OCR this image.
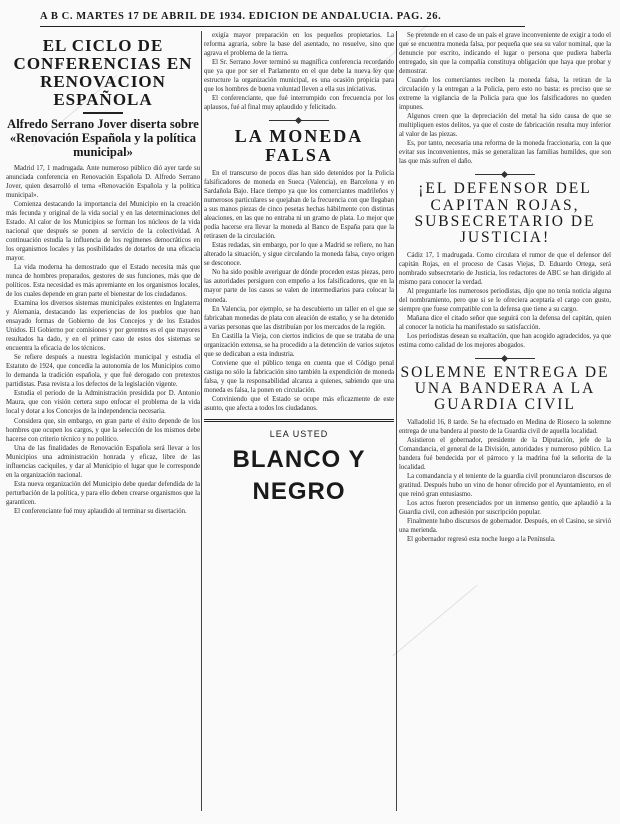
A B C. MARTES 17 DE ABRIL DE 1934. EDICION DE ANDALUCIA. PAG. 26.
EL CICLO DE CONFERENCIAS EN RENOVACION ESPAÑOLA
Alfredo Serrano Jover diserta sobre «Renovación Española y la política municipal»

Madrid 17, 1 madrugada. Ante numeroso público dió ayer tarde su anunciada conferencia en Renovación Española D. Alfredo Serrano Jover, quien desarrolló el tema «Renovación Española y la política municipal».

Comienza destacando la importancia del Municipio en la creación más fecunda y original de la vida social y en las determinaciones del Estado. Al calor de los Municipios se forman los núcleos de la vida nacional que después se ponen al servicio de la colectividad. A continuación estudia la influencia de los regímenes democráticos en los organismos locales y las posibilidades de dotarlos de una eficacia mayor.

La vida moderna ha demostrado que el Estado necesita más que nunca de hombres preparados, gestores de sus funciones, más que de políticos. Esta necesidad es más apremiante en los organismos locales, de los cuales depende en gran parte el bienestar de los ciudadanos.

Examina los diversos sistemas municipales existentes en Inglaterra y Alemania, destacando las experiencias de los pueblos que han ensayado formas de Gobierno de los Concejos y de los Estados Unidos. El Gobierno por comisiones y por gerentes es el que mayores resultados ha dado, y en el primer caso de estos dos sistemas se encuentra la eficacia de los técnicos.

Se refiere después a nuestra legislación municipal y estudia el Estatuto de 1924, que concedía la autonomía de los Municipios como lo demanda la tradición española, y que fué derogado con pretextos partidistas. Pasa revista a los defectos de la legislación vigente.

Estudia el período de la Administración presidida por D. Antonio Maura, que con visión certera supo enfocar el problema de la vida local y dotar a los Concejos de la independencia necesaria.

Considera que, sin embargo, en gran parte el éxito depende de los hombres que ocupen los cargos, y que la selección de los mismos debe hacerse con criterio técnico y no político.

Una de las finalidades de Renovación Española será llevar a los Municipios una administración honrada y eficaz, libre de las influencias caciquiles, y dar al Municipio el lugar que le corresponde en la organización nacional.

Esta nueva organización del Municipio debe quedar defendida de la perturbación de la política, y para ello deben crearse organismos que la garanticen.

El conferenciante fué muy aplaudido al terminar su disertación.

exigía mayor preparación en los pequeños propietarios. La reforma agraria, sobre la base del asentado, no resuelve, sino que agrava el problema de la tierra.

El Sr. Serrano Jover terminó su magnífica conferencia recordando que ya que por ser el Parlamento en el que debe la nueva ley que estructure la organización municipal, es una ocasión propicia para que los hombres de buena voluntad lleven a ella sus iniciativas.

El conferenciante, que fué interrumpido con frecuencia por los aplausos, fué al final muy aplaudido y felicitado.

LA MONEDA FALSA

En el transcurso de pocos días han sido detenidos por la Policía falsificadores de moneda en Sueca (Valencia), en Barcelona y en Sardañola Bajo. Hace tiempo ya que los comerciantes madrileños y numerosos particulares se quejaban de la frecuencia con que llegaban a sus manos piezas de cinco pesetas hechas hábilmente con distintas aleaciones, en las que no entraba ni un gramo de plata. Lo mejor que podía hacerse era llevar la moneda al Banco de España para que la retirasen de la circulación.

Estas redadas, sin embargo, por lo que a Madrid se refiere, no han alterado la situación, y sigue circulando la moneda falsa, cuyo origen se desconoce.

No ha sido posible averiguar de dónde proceden estas piezas, pero las autoridades persiguen con empeño a los falsificadores, que en la mayor parte de los casos se valen de intermediarios para colocar la moneda.

En Valencia, por ejemplo, se ha descubierto un taller en el que se fabricaban monedas de plata con aleación de estaño, y se ha detenido a varias personas que las distribuían por los mercados de la región.

En Castilla la Vieja, con ciertos indicios de que se trataba de una organización extensa, se ha procedido a la detención de varios sujetos que se dedicaban a esta industria.

Conviene que el público tenga en cuenta que el Código penal castiga no sólo la fabricación sino también la expendición de moneda falsa, y que la responsabilidad alcanza a quienes, sabiendo que una moneda es falsa, la ponen en circulación.

Conviniendo que el Estado se ocupe más eficazmente de este asunto, que afecta a todos los ciudadanos.

LEA USTED
BLANCO Y NEGRO

Se pretende en el caso de un país el grave inconveniente de exigir a todo el que se encuentra moneda falsa, por pequeña que sea su valor nominal, que la denuncie por escrito, indicando el lugar o persona que pudiera haberla entregado, sin que la compañía constituya obligación que haya que probar y demostrar.

Cuando los comerciantes reciben la moneda falsa, la retiran de la circulación y la entregan a la Policía, pero esto no basta: es preciso que se extreme la vigilancia de la Policía para que los falsificadores no queden impunes.

Algunos creen que la depreciación del metal ha sido causa de que se multipliquen estos delitos, ya que el coste de fabricación resulta muy inferior al valor de las piezas.

Es, por tanto, necesaria una reforma de la moneda fraccionaria, con la que evitar sus inconvenientes, más se generalizan las familias humildes, que son las que más sufren el daño.

¡EL DEFENSOR DEL CAPITAN ROJAS, SUBSECRETARIO DE JUSTICIA!

Cádiz 17, 1 madrugada. Como circulara el rumor de que el defensor del capitán Rojas, en el proceso de Casas Viejas, D. Eduardo Ortega, será nombrado subsecretario de Justicia, los redactores de ABC se han dirigido al mismo para conocer la verdad.

Al preguntarle los numerosos periodistas, dijo que no tenía noticia alguna del nombramiento, pero que si se le ofreciera aceptaría el cargo con gusto, siempre que fuese compatible con la defensa que tiene a su cargo.

Mañana dice el citado señor que seguirá con la defensa del capitán, quien al conocer la noticia ha manifestado su satisfacción.

Los periodistas desean su exaltación, que han acogido agradecidos, ya que estima como calidad de los mejores abogados.

SOLEMNE ENTREGA DE UNA BANDERA A LA GUARDIA CIVIL

Valladolid 16, 8 tarde. Se ha efectuado en Medina de Rioseco la solemne entrega de una bandera al puesto de la Guardia civil de aquella localidad.

Asistieron el gobernador, presidente de la Diputación, jefe de la Comandancia, el general de la División, autoridades y numeroso público. La bandera fué bendecida por el párroco y la madrina fué la señorita de la localidad.

La comandancia y el teniente de la guardia civil pronunciaron discursos de gratitud. Después hubo un vino de honor ofrecido por el Ayuntamiento, en el que reinó gran entusiasmo.

Los actos fueron presenciados por un inmenso gentío, que aplaudió a la Guardia civil, con adhesión por suscripción popular.

Finalmente hubo discursos de gobernador. Después, en el Casino, se sirvió una merienda.

El gobernador regresó esta noche luego a la Península.
